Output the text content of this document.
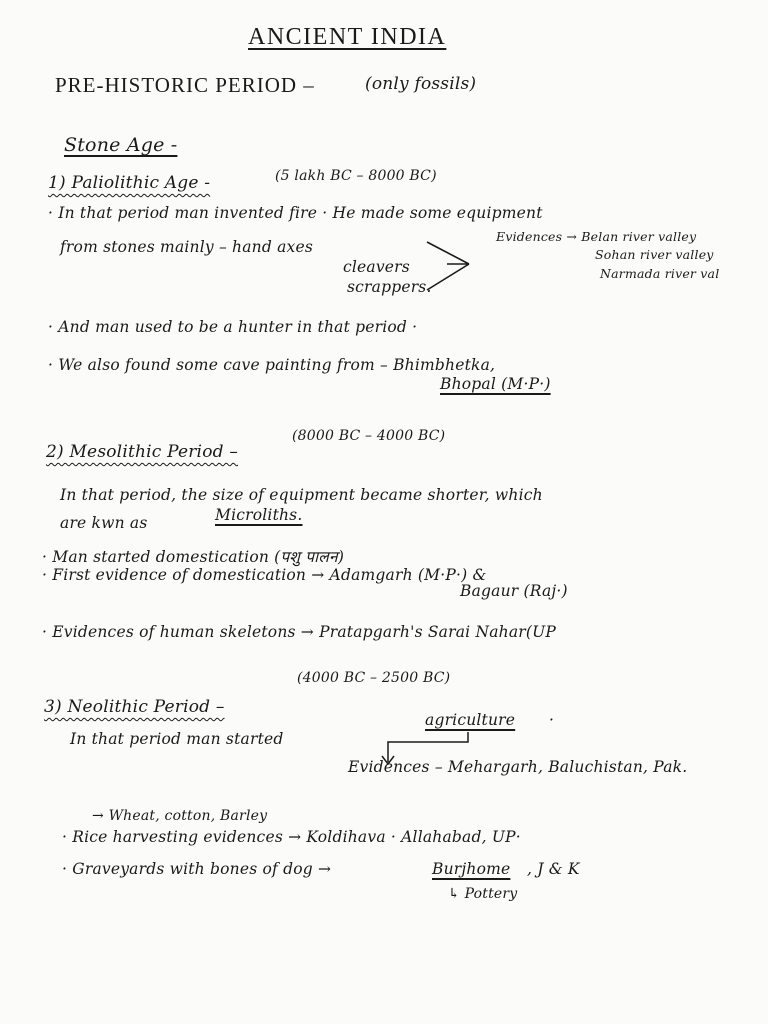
ANCIENT INDIA
PRE-HISTORIC PERIOD –	(only fossils)
Stone Age -
1) Paliolithic Age -	(5 lakh BC – 8000 BC)
· In that period man invented fire · He made some equipment
from stones mainly – hand axes
cleavers
scrappers.
Evidences → Belan river valley
Sohan river valley
Narmada river val
· And man used to be a hunter in that period ·
· We also found some cave painting from – Bhimbhetka,
Bhopal (M·P·)
2) Mesolithic Period –
(8000 BC – 4000 BC)
In that period, the size of equipment became shorter, which
are kwn as	Microliths.
· Man started domestication (पशु पालन)
· First evidence of domestication → Adamgarh (M·P·) &
Bagaur (Raj·)
· Evidences of human skeletons → Pratapgarh's Sarai Nahar(UP
3) Neolithic Period –
(4000 BC – 2500 BC)
In that period man started
agriculture ·
Evidences – Mehargarh, Baluchistan, Pak.
→ Wheat, cotton, Barley
· Rice harvesting evidences → Koldihava · Allahabad, UP·
· Graveyards with bones of dog →	Burjhome , J & K
↳ Pottery
